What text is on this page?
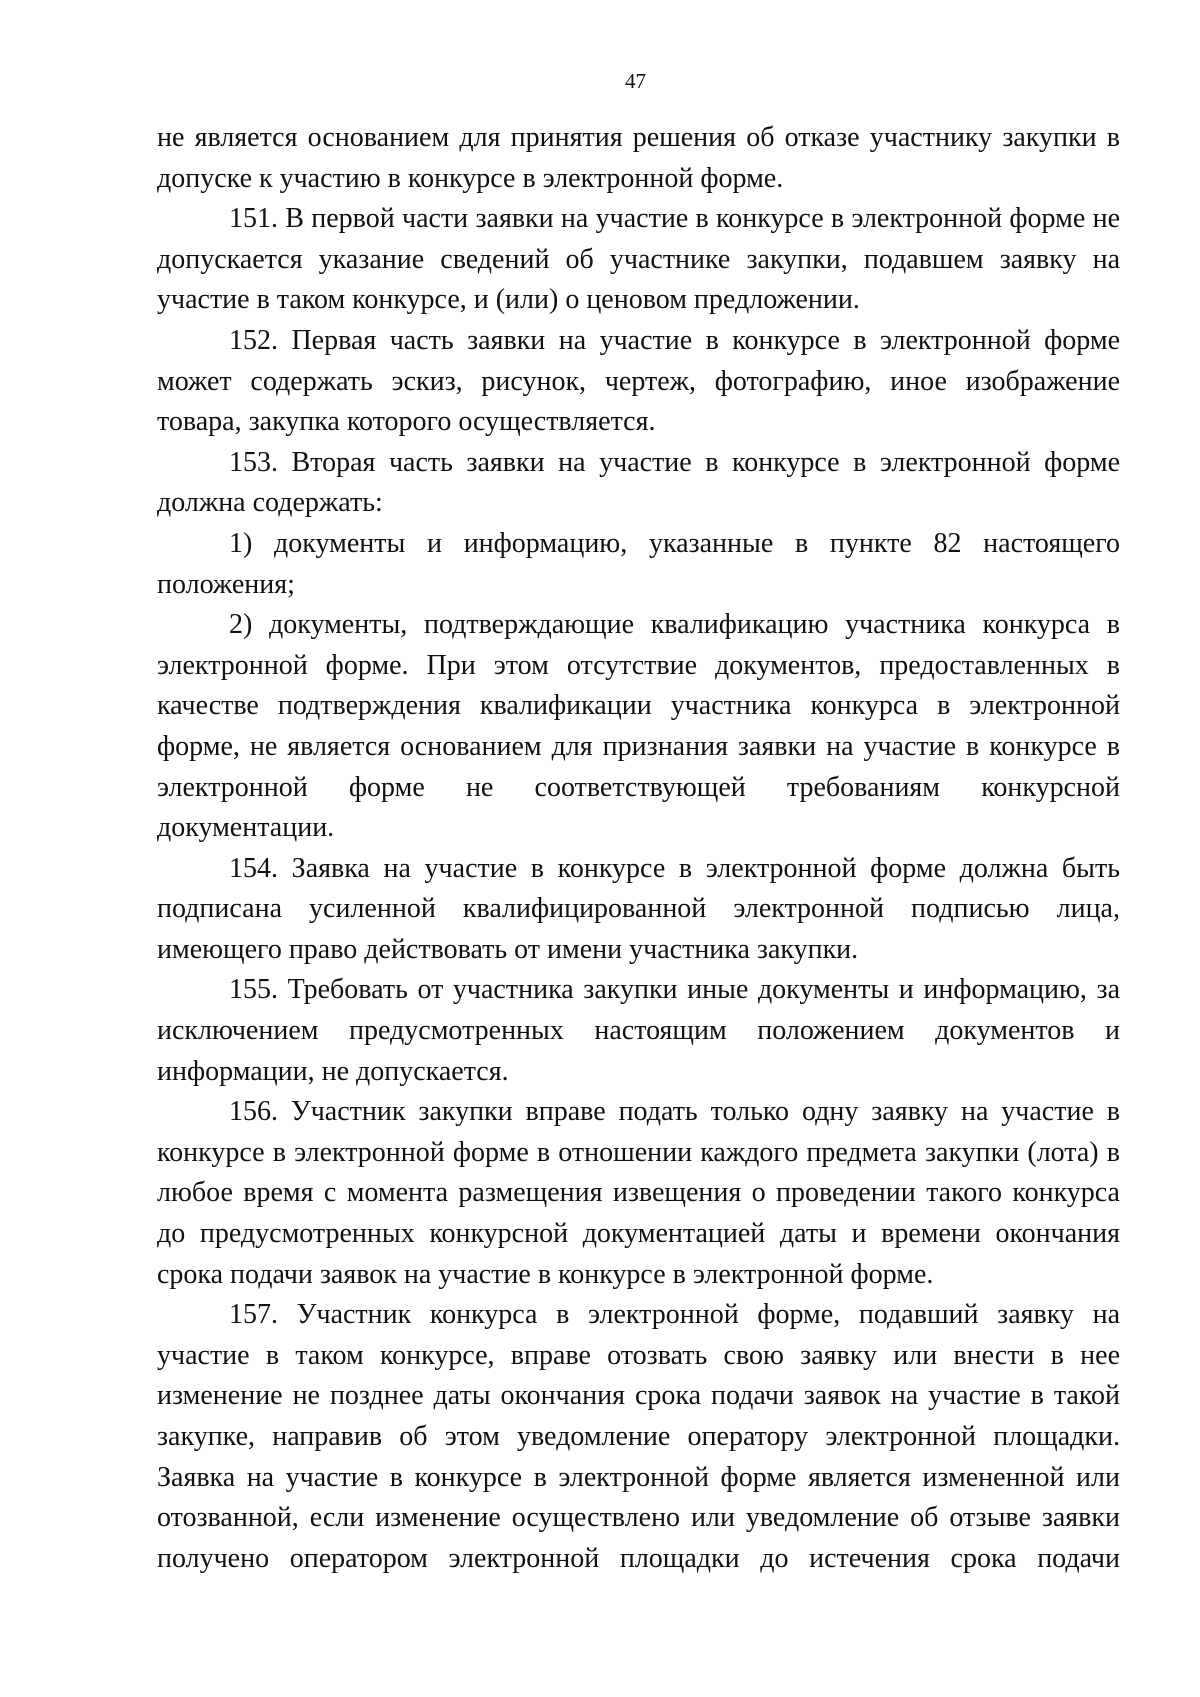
47

не является основанием для принятия решения об отказе участнику закупки в допуске к участию в конкурсе в электронной форме.

151. В первой части заявки на участие в конкурсе в электронной форме не допускается указание сведений об участнике закупки, подавшем заявку на участие в таком конкурсе, и (или) о ценовом предложении.

152. Первая часть заявки на участие в конкурсе в электронной форме может содержать эскиз, рисунок, чертеж, фотографию, иное изображение товара, закупка которого осуществляется.

153. Вторая часть заявки на участие в конкурсе в электронной форме должна содержать:

1) документы и информацию, указанные в пункте 82 настоящего положения;

2) документы, подтверждающие квалификацию участника конкурса в электронной форме. При этом отсутствие документов, предоставленных в качестве подтверждения квалификации участника конкурса в электронной форме, не является основанием для признания заявки на участие в конкурсе в электронной форме не соответствующей требованиям конкурсной документации.

154. Заявка на участие в конкурсе в электронной форме должна быть подписана усиленной квалифицированной электронной подписью лица, имеющего право действовать от имени участника закупки.

155. Требовать от участника закупки иные документы и информацию, за исключением предусмотренных настоящим положением документов и информации, не допускается.

156. Участник закупки вправе подать только одну заявку на участие в конкурсе в электронной форме в отношении каждого предмета закупки (лота) в любое время с момента размещения извещения о проведении такого конкурса до предусмотренных конкурсной документацией даты и времени окончания срока подачи заявок на участие в конкурсе в электронной форме.

157. Участник конкурса в электронной форме, подавший заявку на участие в таком конкурсе, вправе отозвать свою заявку или внести в нее изменение не позднее даты окончания срока подачи заявок на участие в такой закупке, направив об этом уведомление оператору электронной площадки. Заявка на участие в конкурсе в электронной форме является измененной или отозванной, если изменение осуществлено или уведомление об отзыве заявки получено оператором электронной площадки до истечения срока подачи
